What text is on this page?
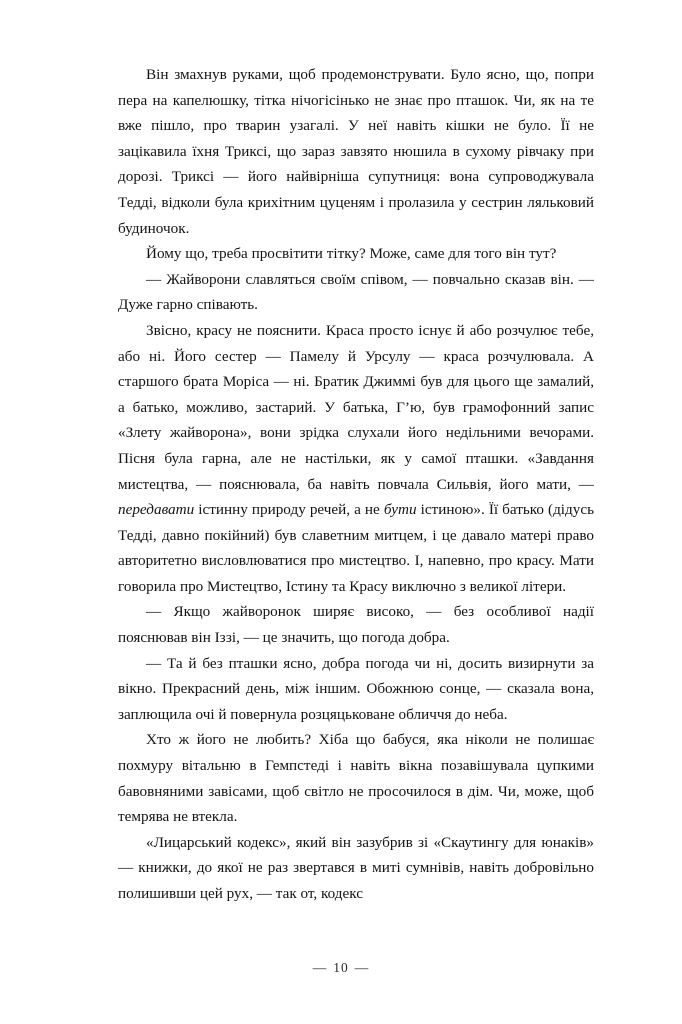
Він змахнув руками, щоб продемонструвати. Було ясно, що, попри пера на капелюшку, тітка нічогісінько не знає про пташок. Чи, як на те вже пішло, про тварин узагалі. У неї навіть кішки не було. Її не зацікавила їхня Триксі, що зараз завзято нюшила в сухому рівчаку при дорозі. Триксі — його найвірніша супутниця: вона супроводжувала Тедді, відколи була крихітним цуценям і пролазила у сестрин ляльковий будиночок.

Йому що, треба просвітити тітку? Може, саме для того він тут?

— Жайворони славляться своїм співом, — повчально сказав він. — Дуже гарно співають.

Звісно, красу не пояснити. Краса просто існує й або розчулює тебе, або ні. Його сестер — Памелу й Урсулу — краса розчулювала. А старшого брата Моріса — ні. Братик Джиммі був для цього ще замалий, а батько, можливо, застарий. У батька, Г’ю, був грамофонний запис «Злету жайворона», вони зрідка слухали його недільними вечорами. Пісня була гарна, але не настільки, як у самої пташки. «Завдання мистецтва, — пояснювала, ба навіть повчала Сильвія, його мати, — передавати істинну природу речей, а не бути істиною». Її батько (дідусь Тедді, давно покійний) був славетним митцем, і це давало матері право авторитетно висловлюватися про мистецтво. І, напевно, про красу. Мати говорила про Мистецтво, Істину та Красу виключно з великої літери.

— Якщо жайворонок ширяє високо, — без особливої надії пояснював він Іззі, — це значить, що погода добра.

— Та й без пташки ясно, добра погода чи ні, досить визирнути за вікно. Прекрасний день, між іншим. Обожнюю сонце, — сказала вона, заплющила очі й повернула розцяцьковане обличчя до неба.

Хто ж його не любить? Хіба що бабуся, яка ніколи не полишає похмуру вітальню в Гемпстеді і навіть вікна позавішувала цупкими бавовняними завісами, щоб світло не просочилося в дім. Чи, може, щоб темрява не втекла.

«Лицарський кодекс», який він зазубрив зі «Скаутингу для юнаків» — книжки, до якої не раз звертався в миті сумнівів, навіть добровільно полишивши цей рух, — так от, кодекс

— 10 —
